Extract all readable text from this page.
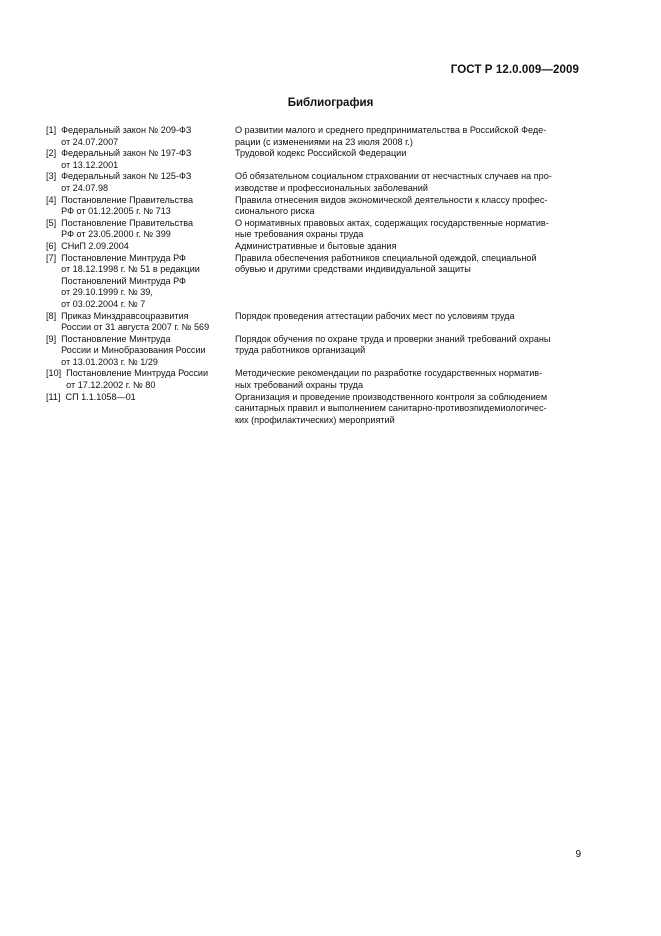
ГОСТ Р 12.0.009—2009
Библиография
[1] Федеральный закон № 209-ФЗ
от 24.07.2007
О развитии малого и среднего предпринимательства в Российской Феде-
рации (с изменениями на 23 июля 2008 г.)
[2] Федеральный закон № 197-ФЗ
от 13.12.2001
Трудовой кодекс Российской Федерации
[3] Федеральный закон № 125-ФЗ
от 24.07.98
Об обязательном социальном страховании от несчастных случаев на про-
изводстве и профессиональных заболеваний
[4] Постановление Правительства
РФ от 01.12.2005 г. № 713
Правила отнесения видов экономической деятельности к классу профес-
сионального риска
[5] Постановление Правительства
РФ от 23.05.2000 г. № 399
О нормативных правовых актах, содержащих государственные норматив-
ные требования охраны труда
[6] СНиП 2.09.2004	Административные и бытовые здания
[7] Постановление Минтруда РФ
от 18.12.1998 г. № 51 в редакции
Постановлений Минтруда РФ
от 29.10.1999 г. № 39,
от 03.02.2004 г. № 7
Правила обеспечения работников специальной одеждой, специальной
обувью и другими средствами индивидуальной защиты
[8] Приказ Минздравсоцразвития
России от 31 августа 2007 г. № 569
Порядок проведения аттестации рабочих мест по условиям труда
[9] Постановление Минтруда
России и Минобразования России
от 13.01.2003 г. № 1/29
Порядок обучения по охране труда и проверки знаний требований охраны
труда работников организаций
[10] Постановление Минтруда России
от 17.12.2002 г. № 80
Методические рекомендации по разработке государственных норматив-
ных требований охраны труда
[11] СП 1.1.1058—01	Организация и проведение производственного контроля за соблюдением
санитарных правил и выполнением санитарно-противоэпидемиологичес-
ких (профилактических) мероприятий
9
